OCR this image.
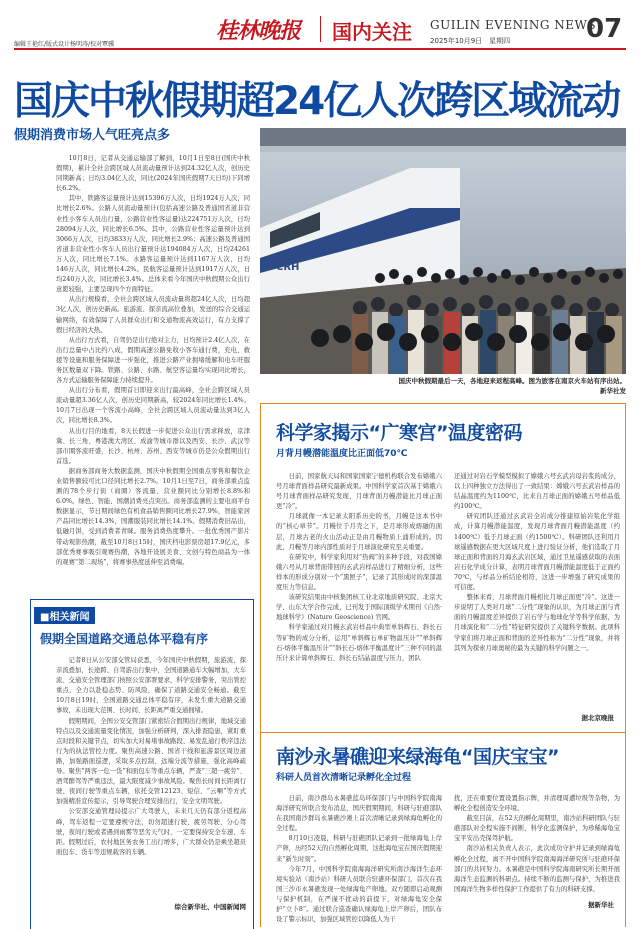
编辑王艳红/版式设计杨明涛/校对覃骥
桂林晚报 国内关注 GUILIN EVENING NEWS
2025年10月9日　星期四	07
国庆中秋假期超24亿人次跨区域流动
假期消费市场人气旺亮点多

10月8日，记者从交通运输部了解到，10月1日至8日(国庆中秋假期)，累计全社会跨区域人员流动量预计达到24.32亿人次，创历史同期新高；日均3.04亿人次，同比(2024年国庆假期7天日均)下同增长6.2%。

其中，铁路客运量预计达到15396万人次，日均1924万人次，同比增长2.6%。公路人员流动量预计(包括高速公路及普通国省道非营业性小客车人员出行量，公路营业性客运量)达224751万人次，日均28094万人次，同比增长6.5%。其中，公路营业性客运量预计达到3066万人次，日均3833万人次，同比增长2.9%；高速公路及普通国省道非营业性小客车人员出行量预计达194084万人次，日均24261万人次，同比增长7.1%。水路客运量预计达到1167万人次，日均146万人次，同比增长4.2%。民航客运量预计达到1917万人次，日均240万人次，同比增长3.4%。总体来看今年国庆中秋假期公众出行意愿较强，主要呈现四个方面特征。

从出行规模看，全社会跨区域人员流动量将超24亿人次，日均超3亿人次，创历史新高。旅游流、探亲流高位叠加，发送的综合交通运输网络，有效保障了人员群众出行和交通物流高效运行，有力支撑了假日经济的大热。

从出行方式看，自驾仍是出行绝对主力，日均预计2.4亿人次，在出行总量中占比约八成，假期高速公路免收小客车通行费，充电、救援等设施和服务保障进一步强化，推进公路产业拥堵缓解和电车旺服务区数量双下降。铁路、公路、水路、航空客运量均实现同比增长，各方式运输服务保障能力持续提升。

从出行分布看，假期首日即迎来出行最高峰，全社会跨区域人员流动量超3.36亿人次，创历史同期新高，较2024年同比增长1.4%。10月7日出现一个客流小高峰，全社会跨区域人员流动量达到3亿人次，同比增长8.3%。

从出行目的地看，8天长假进一步促进公众出行需求释放，京津冀、长三角、粤港澳大湾区、成渝等城市群以及西安、长沙、武汉等部市圈客流旺盛，长沙、杭州、苏州、西安等城市仍是公众假期出行首选。

据商务部商务大数据监测，国庆中秋假期全国重点零售和餐饮企业销售额较可比口径同比增长2.7%。10月1日至7日，商务部重点监测的78个步行街（商圈）客流量、营业额同比分别增长8.8%和6.0%。绿色、智能、国潮消费亮点突出。商务部监测的主要电商平台数据显示，节日期间绿色有机食品销售额同比增长27.9%，智能家居产品同比增长14.3%，国潮服装同比增长14.1%。假期消费旧品出，低融月饼，受到消费者青睐。服务消费热度攀升。一批优秀国产影片带动观影热潮，截至10月8日15时，国庆档电影票房超17.9亿元，多部优秀赛事吸引观赛热潮，各地开设展美食、文创与特色商品为一体的观赛“第二现场”，将赛事热度延伸至消费端。

CRH
国庆中秋假期最后一天，各地迎来返程高峰。图为旅客在南京火车站有序出站。
新华社发
■相关新闻
假期全国道路交通总体平稳有序

记者8日从公安部交管局获悉，今年国庆中秋假期，旅游流、探亲流叠加，长途跨、自驾游出行集中，全国道路通车大幅增加，大车流、交通安全管理部门按照公安部署要求，科学安排警务，突出管控重点，全力以赴稳态势、防风险，确保了道路交通安全畅通。截至10月8日19时，全国道路交通总体平稳有序，未发生重大道路交通事故，未出现大范围、长时间、长距离严重交通拥堵。

假期期间，全国公安交管部门紧密结合假期出行规律，地域交通特点以及交通流量变化情况，加强分析研判，深入排查隐患，紧盯重点时段和关键节点，切实加大对易堵事故路段、易发乱通行秩序违法行为的执法管控力度。聚焦高速公路、国省干线和旅游景区周边道路，加强路面巡逻，采取多点控制、远端分流等措施，强化高峰疏导。聚焦“两客一危一货”和面包车等重点车辆，严查“三超一疲劳”、酒驾醉驾等严重违法，最大限度减少事故风险。聚焦长时间长距离行驶、夜间行驶等重点车辆，依托交管12123、短信、“云喇”等方式加强精准宣传提示，引导驾驶合理安排出行，安全文明驾驶。

公安部交通管理局提示广大驾驶人，未来几天仍有部分返程高峰，驾车返程一定要遵规守法，切勿超速行驶、疲劳驾驶、分心驾驶，夜间行驶或者遇到雨雾等恶劣天气时，一定要保持安全车速、车距。假期过后，农村地区务农务工出行增多，广大群众仍是乘坐超员面包车、货车等违规载客的车辆。

综合新华社、中国新闻网
科学家揭示“广寒宫”温度密码
月背月幔潜能温度比正面低70℃

日前，国家航天局和国家国家宁德机构联合发布嫦娥六号月球背面样品研究最新成果。中国科学家首次基于嫦娥六号月球背面样品研究发现，月球背面月幔潜能比月球正面更“冷”。

月球就像一本记录太阳系历史的书，月幔是这本书中的“核心章节”。月幔位于月壳之下，是月球形成熔融的面层，月球古老的火山活动正是由月幔物质上涌形成的。因此，月幔等月球内部性质对于月球演化研究至关重要。

在研究中，科学家利用对“热阀”的多种手段，对我国嫦娥六号从月球背面带回的玄武岩样品进行了精细分析，这些样本的形成分别对一个“黑匣子”，记录了其形成时的深部温度压力等信息。

该研究结果由中核集团核工业北京地质研究院、北京大学、山东大学合作完成，已刊发于国际顶级学术期刊《自然·地球科学》(Nature Geoscience) 官网。

科学家通过对月幔玄武岩样品中典型单斜辉石、斜长石等矿物的成分分析，运用“单斜辉石单矿物温压计”“单斜辉石-熔体平衡温压计”“斜长石-熔体平衡温度计”三种不同的温压计来计算单斜辉石、斜长石结晶温度与压力，团队

还通过对岩石学模型模拟了嫦娥六号玄武岩母岩浆的成分，以上四种独立方法得出了一致结果：嫦娥六号玄武岩样品的结晶温度约为1100℃，比来自月球正面的嫦娥五号样品低约100℃。

研究团队还通过玄武岩全岩成分推建原始岩浆化学组成，计算月幔潜能温度，发现月球背面月幔潜能温度（约1400℃）低于月球正面（约1500℃）。科研团队还利用月球遥感数据在更大区域尺度上进行验证分析，他们选取了月球正面和背面的月海玄武岩区域，通过卫星遥感获取的表面岩石化学成分计算，表明月球背面月幔潜能温度低于正面约70℃，与样品分析结论相符，这进一步增强了研究成果的可信度。

整体来看，月球背面月幔相比月球正面更“冷”。这进一步说明了人类对月球“二分性”现象的认识，为月球正面与背面的月幔温度差异提供了岩石学与地球化学等科学依据，为月球演化和“二分性”特征研究提供了关键科学数据。此项科学家们将月球正面和背面的差异性称为“二分性”现象，并将其列为探索月球奥秘的最为关键的科学问题之一。

据北京晚报
南沙永暑礁迎来绿海龟“国庆宝宝”
科研人员首次清晰记录孵化全过程

日前，南沙群岛永暑礁蓝岛环保部门与中国科学院南海海洋研究所联合发布消息，国庆假期期间，科研与驻礁部队在我国南沙群岛永暑礁沙滩上首次清晰记录到绿海龟孵化的全过程。

8月10日凌晨，科研与驻礁团队记录到一批绿海龟上岸产卵，历经52天的自然孵化周期，这批海龟宝在国庆假期迎来“新生时刻”。

今年7月，中国科学院南海海洋研究所南沙海洋生态环境实验站（南沙站）科研人员联合驻礁环保部门，首次在我国三沙市永暑礁发现一处绿海龟产卵地。双方随即启动观测与保护机制，在严谨不扰动的前提下，对绿海龟安全保护“立卜8”。通过联合巡查确认绿海龟上岸产卵后，团队布设了警示标识，加强区域管控以降低人为干

扰，还在重要位置设置指示牌，并清理周遭垃圾等杂物，为孵化全程创造安全环境。

截至目前，在52天的孵化周期里，南沙站科研团队与驻礁部队对全程实施不间断、科学化监测保护，为珍稀海龟宝宝平安出壳保驾护航。

南沙站相关负责人表示，此次成功守护并记录到绿海龟孵化全过程，离不开中国科学院南海海洋研究所与驻礁环保部门的共同努力。永暑礁是中国科学院海南研究所长期开展海洋生态监测的科研点。持续不断的监测与保护，为推进我国海洋生物多样性保护工作提供了有力的科研支撑。

据新华社
